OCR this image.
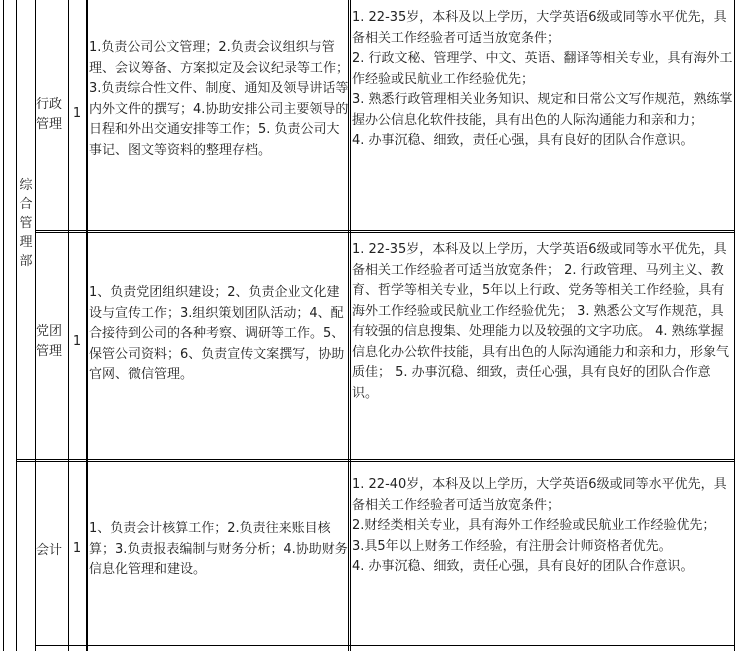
综合管理部
行政管理
1
1.负责公司公文管理；2.负责会议组织与管理、会议筹备、方案拟定及会议纪录等工作；3.负责综合性文件、制度、通知及领导讲话等内外文件的撰写；4.协助安排公司主要领导的日程和外出交通安排等工作；5. 负责公司大事记、图文等资料的整理存档。

1. 22-35岁，本科及以上学历，大学英语6级或同等水平优先，具备相关工作经验者可适当放宽条件；

2. 行政文秘、管理学、中文、英语、翻译等相关专业，具有海外工作经验或民航业工作经验优先；

3. 熟悉行政管理相关业务知识、规定和日常公文写作规范，熟练掌握办公信息化软件技能，具有出色的人际沟通能力和亲和力；

4. 办事沉稳、细致，责任心强，具有良好的团队合作意识。

党团管理
1
1、负责党团组织建设；2、负责企业文化建设与宣传工作；3.组织策划团队活动；4、配合接待到公司的各种考察、调研等工作。5、保管公司资料；6、负责宣传文案撰写，协助官网、微信管理。

1. 22-35岁，本科及以上学历，大学英语6级或同等水平优先，具备相关工作经验者可适当放宽条件； 2. 行政管理、马列主义、教育、哲学等相关专业，5年以上行政、党务等相关工作经验，具有海外工作经验或民航业工作经验优先； 3. 熟悉公文写作规范，具有较强的信息搜集、处理能力以及较强的文字功底。 4. 熟练掌握信息化办公软件技能，具有出色的人际沟通能力和亲和力，形象气质佳； 5. 办事沉稳、细致，责任心强，具有良好的团队合作意识。

会计 1
1、负责会计核算工作；2.负责往来账目核算；3.负责报表编制与财务分析；4.协助财务信息化管理和建设。

1. 22-40岁，本科及以上学历，大学英语6级或同等水平优先，具备相关工作经验者可适当放宽条件；

2.财经类相关专业，具有海外工作经验或民航业工作经验优先；

3.具5年以上财务工作经验，有注册会计师资格者优先。

4. 办事沉稳、细致，责任心强，具有良好的团队合作意识。
